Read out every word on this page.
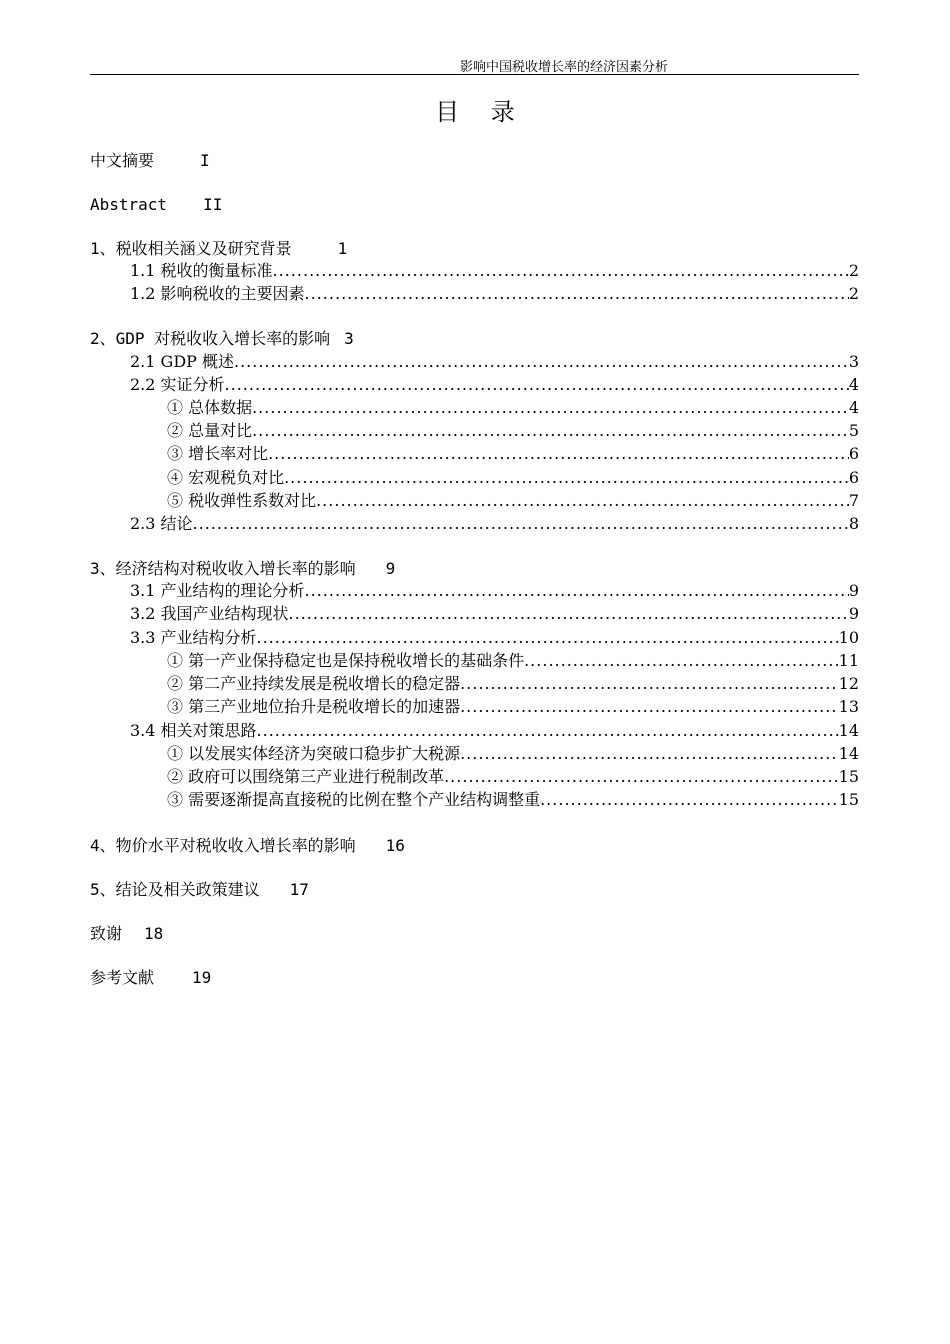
影响中国税收增长率的经济因素分析
目 录
中文摘要	I
Abstract II
1、税收相关涵义及研究背景	1
1.1 税收的衡量标准 .....	2
1.2 影响税收的主要因素 .....	2
2、GDP 对税收收入增长率的影响 3
2.1 GDP 概述 .....	3
2.2 实证分析 .....	4
① 总体数据 .....	4
② 总量对比 .....	5
③ 增长率对比 .....	6
④ 宏观税负对比 .....	6
⑤ 税收弹性系数对比 .....	7
2.3 结论 .....	8
3、经济结构对税收收入增长率的影响 9
3.1 产业结构的理论分析 .....	9
3.2 我国产业结构现状 .....	9
3.3 产业结构分析 .....	10
① 第一产业保持稳定也是保持税收增长的基础条件 .....	11
② 第二产业持续发展是税收增长的稳定器 .....	12
③ 第三产业地位抬升是税收增长的加速器 .....	13
3.4 相关对策思路 .....	14
① 以发展实体经济为突破口稳步扩大税源 .....	14
② 政府可以围绕第三产业进行税制改革 .....	15
③ 需要逐渐提高直接税的比例在整个产业结构调整重 .....	15
4、物价水平对税收收入增长率的影响 16
5、结论及相关政策建议 17
致谢 18
参考文献 19
